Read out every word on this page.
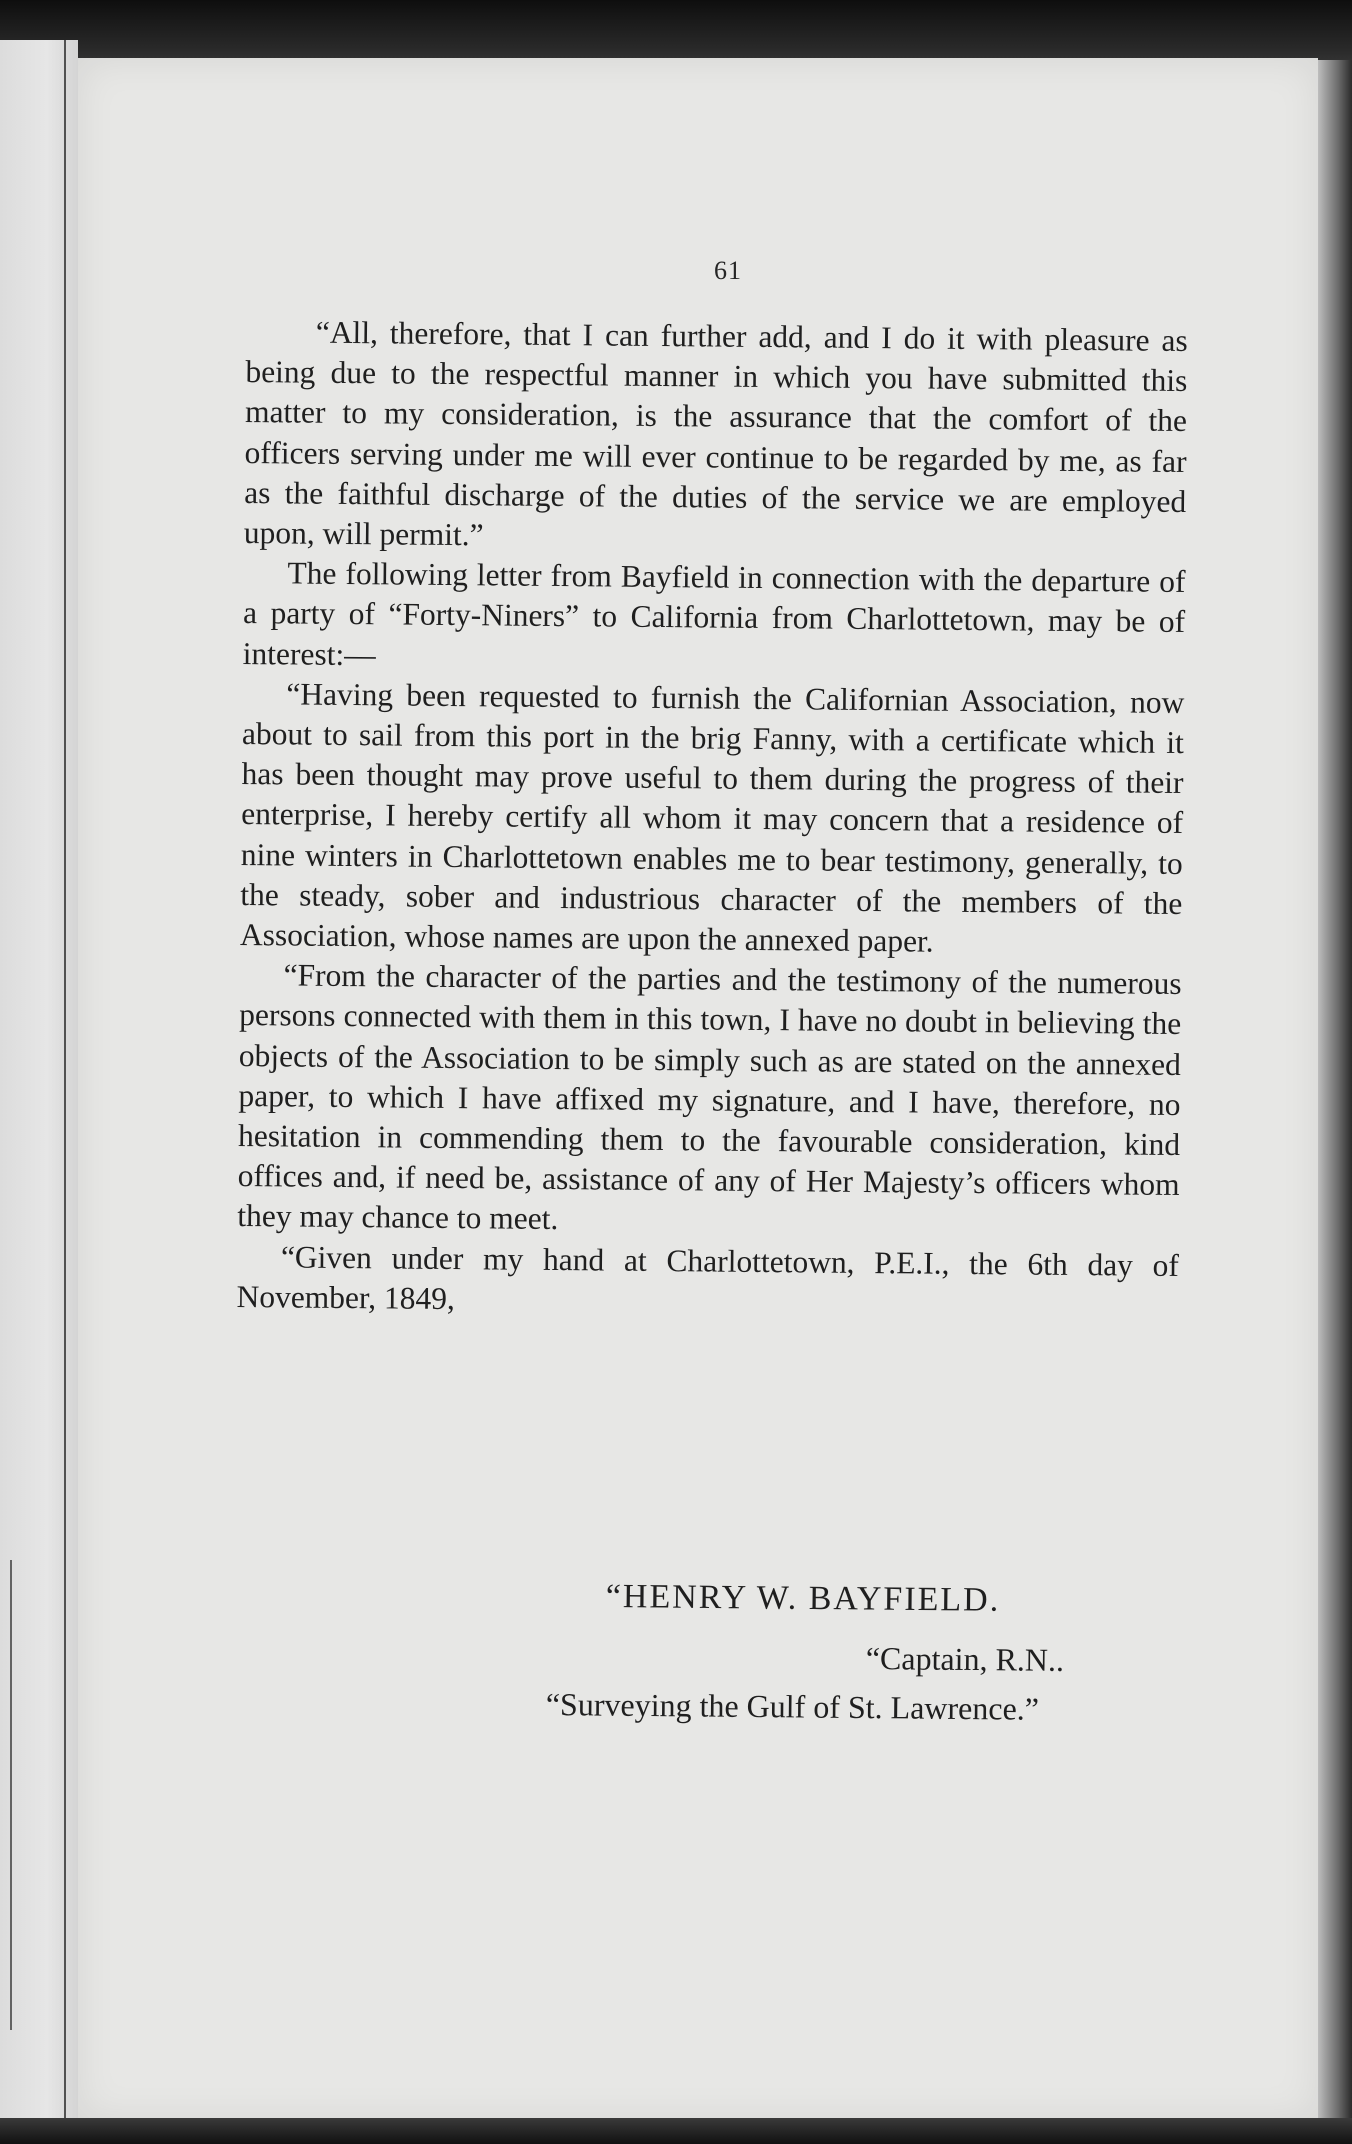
61

“All, therefore, that I can further add, and I do it with pleasure as being due to the respectful manner in which you have submitted this matter to my consideration, is the assurance that the comfort of the officers serving under me will ever continue to be regarded by me, as far as the faithful discharge of the duties of the service we are employed upon, will permit.”

The following letter from Bayfield in connection with the departure of a party of “Forty-Niners” to California from Charlottetown, may be of interest:—

“Having been requested to furnish the Californian Association, now about to sail from this port in the brig Fanny, with a certificate which it has been thought may prove useful to them during the progress of their enterprise, I hereby certify all whom it may concern that a residence of nine winters in Charlottetown enables me to bear testimony, generally, to the steady, sober and industrious character of the members of the Association, whose names are upon the annexed paper.

“From the character of the parties and the testimony of the numerous persons connected with them in this town, I have no doubt in believing the objects of the Association to be simply such as are stated on the annexed paper, to which I have affixed my signature, and I have, therefore, no hesitation in commending them to the favourable consideration, kind offices and, if need be, assistance of any of Her Majesty’s officers whom they may chance to meet.

“Given under my hand at Charlottetown, P.E.I., the 6th day of November, 1849,

“HENRY W. BAYFIELD.
“Captain, R.N..
“Surveying the Gulf of St. Lawrence.”
